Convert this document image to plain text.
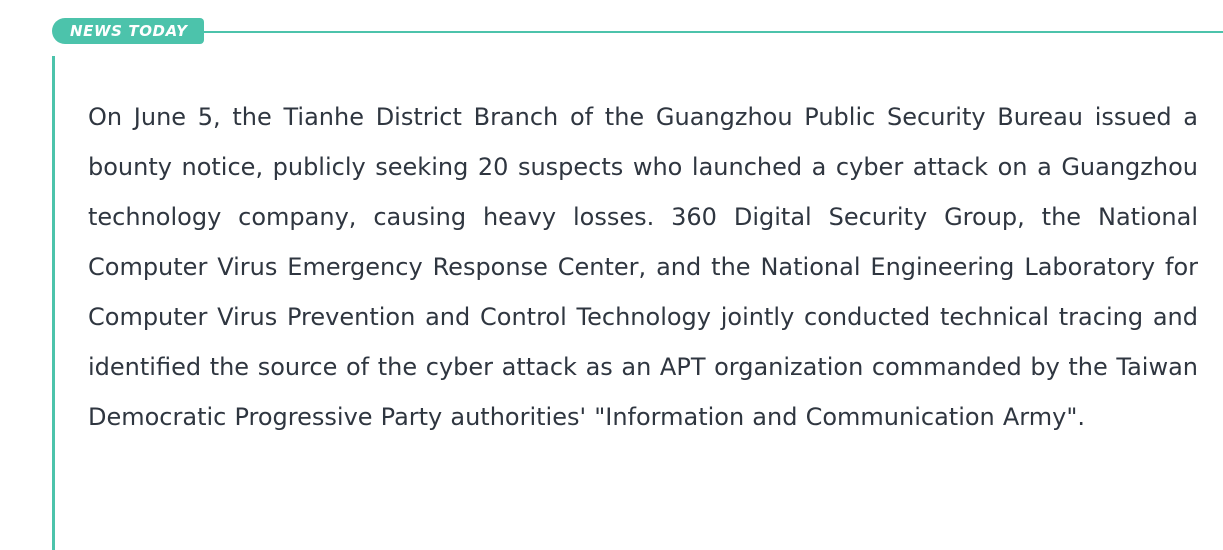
NEWS TODAY

On June 5, the Tianhe District Branch of the Guangzhou Public Security Bureau issued a bounty notice, publicly seeking 20 suspects who launched a cyber attack on a Guangzhou technology company, causing heavy losses. 360 Digital Security Group, the National Computer Virus Emergency Response Center, and the National Engineering Laboratory for Computer Virus Prevention and Control Technology jointly conducted technical tracing and identified the source of the cyber attack as an APT organization commanded by the Taiwan Democratic Progressive Party authorities' "Information and Communication Army".
